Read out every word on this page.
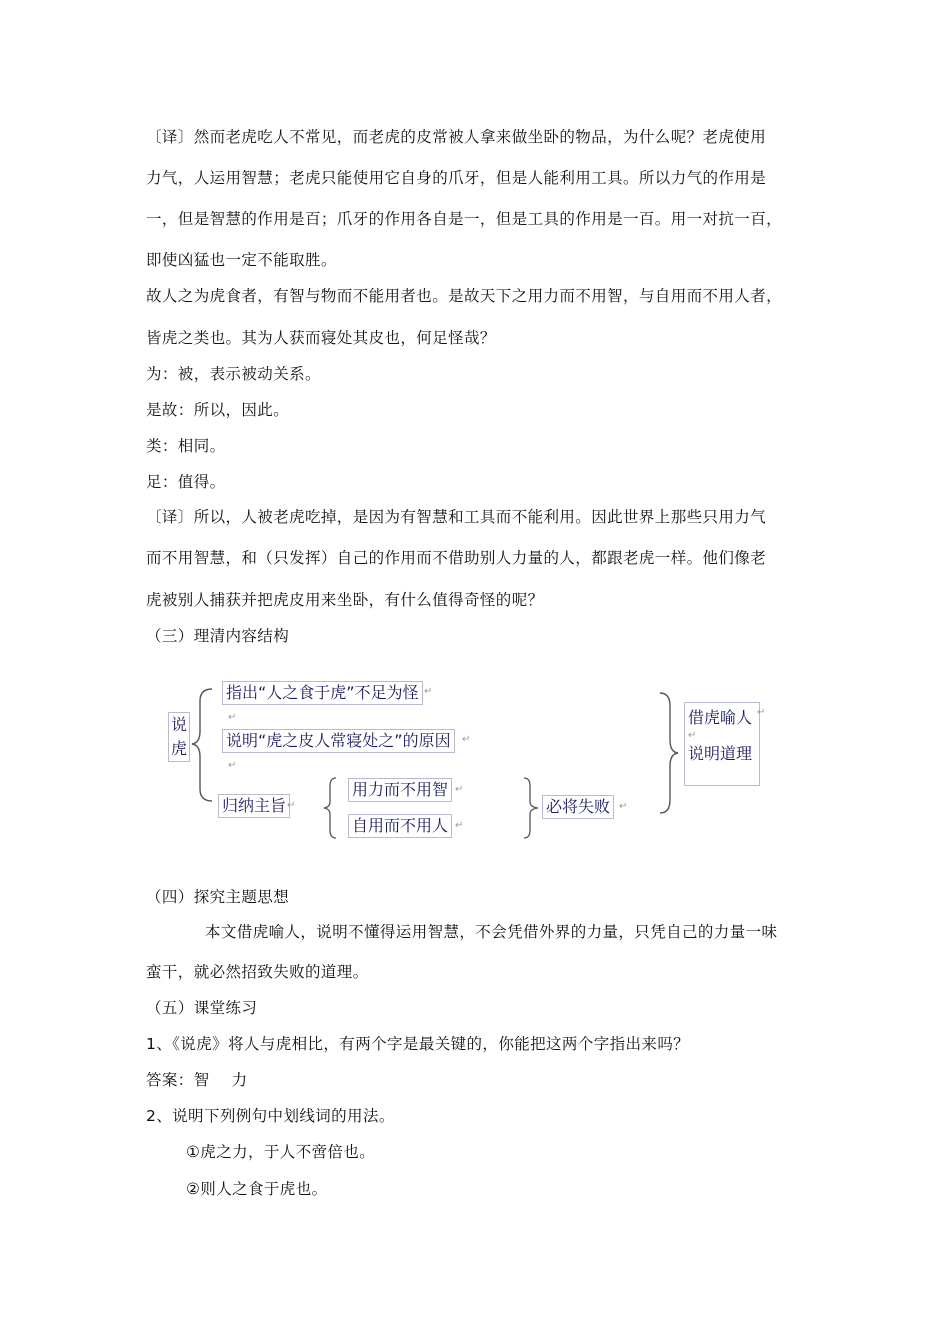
〔译〕然而老虎吃人不常见，而老虎的皮常被人拿来做坐卧的物品，为什么呢？老虎使用
力气，人运用智慧；老虎只能使用它自身的爪牙，但是人能利用工具。所以力气的作用是
一，但是智慧的作用是百；爪牙的作用各自是一，但是工具的作用是一百。用一对抗一百，
即使凶猛也一定不能取胜。
故人之为虎食者，有智与物而不能用者也。是故天下之用力而不用智，与自用而不用人者，
皆虎之类也。其为人获而寝处其皮也，何足怪哉？
为：被，表示被动关系。
是故：所以，因此。
类：相同。
足：值得。
〔译〕所以，人被老虎吃掉，是因为有智慧和工具而不能利用。因此世界上那些只用力气
而不用智慧，和（只发挥）自己的作用而不借助别人力量的人，都跟老虎一样。他们像老
虎被别人捕获并把虎皮用来坐卧，有什么值得奇怪的呢？
（三）理清内容结构
说
虎
指出“人之食于虎”不足为怪 ↵
↵
说明“虎之皮人常寝处之”的原因	↵
↵
归纳主旨 ↵
用力而不用智 ↵
自用而不用人 ↵
必将失败 ↵
借虎喻人
↵
说明道理
↵
（四）探究主题思想
本文借虎喻人，说明不懂得运用智慧，不会凭借外界的力量，只凭自己的力量一味
蛮干，就必然招致失败的道理。
（五）课堂练习
1、《说虎》将人与虎相比，有两个字是最关键的，你能把这两个字指出来吗？
答案：智 力
2、说明下列例句中划线词的用法。
①虎之力，于人不啻倍也。
②则人之食于虎也。
